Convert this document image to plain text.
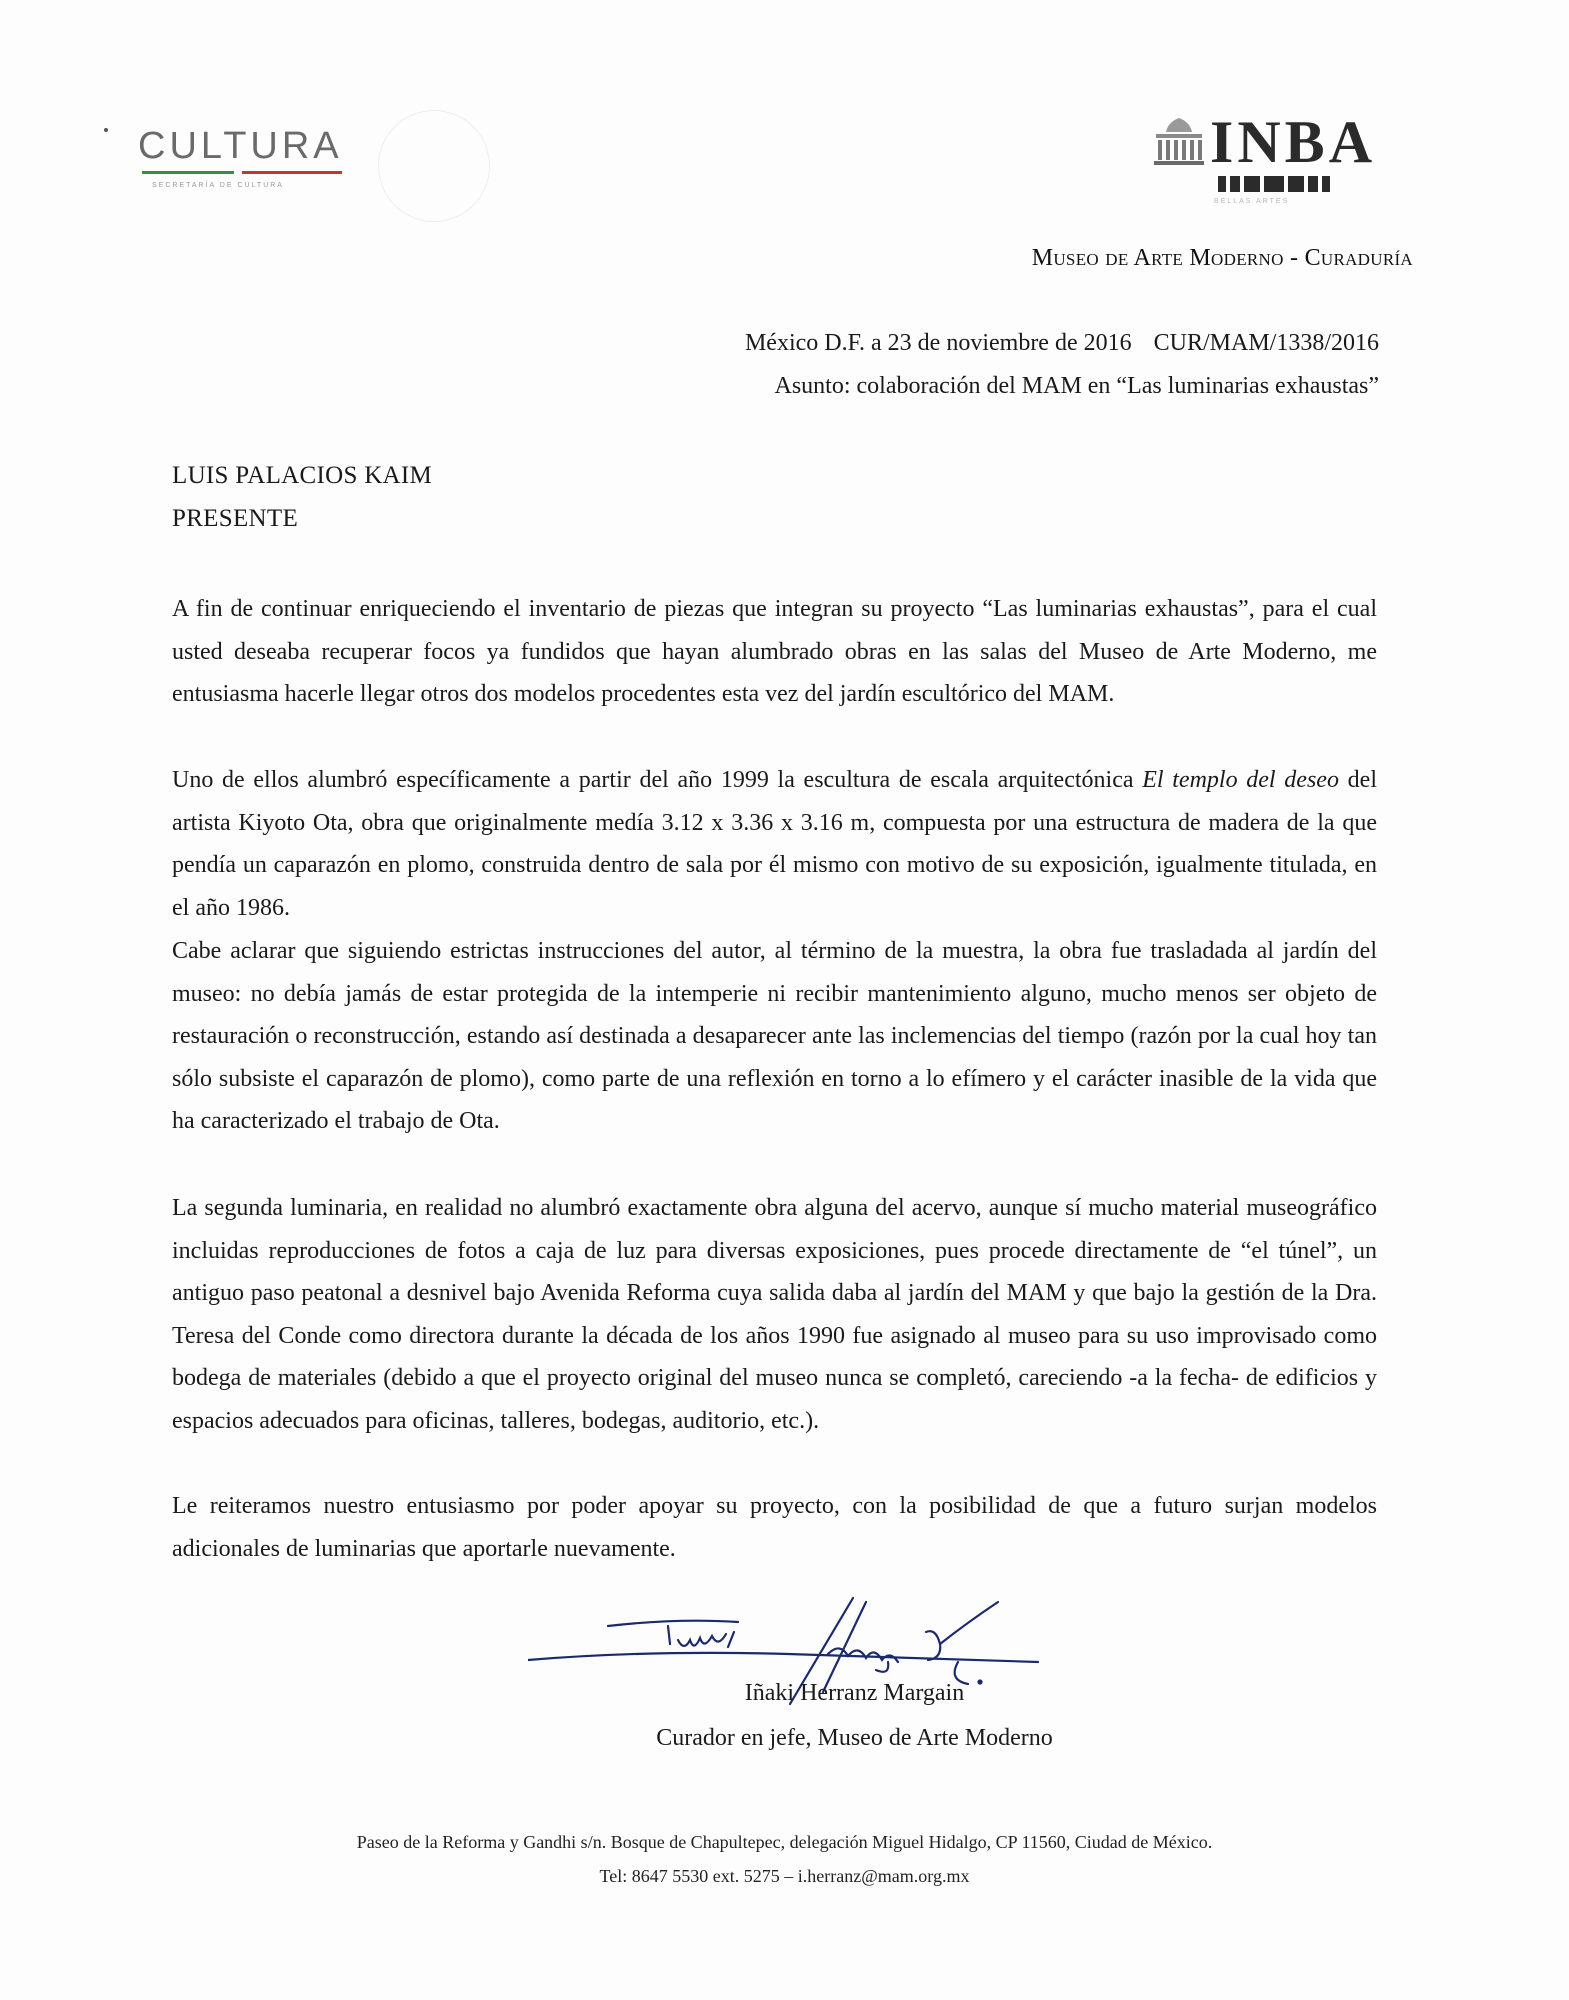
CULTURA
SECRETARÍA DE CULTURA
INBA
BELLAS ARTES
Museo de Arte Moderno - Curaduría
México D.F. a 23 de noviembre de 2016 CUR/MAM/1338/2016
Asunto: colaboración del MAM en “Las luminarias exhaustas”
LUIS PALACIOS KAIM
PRESENTE

A fin de continuar enriqueciendo el inventario de piezas que integran su proyecto “Las luminarias exhaustas”, para el cual usted deseaba recuperar focos ya fundidos que hayan alumbrado obras en las salas del Museo de Arte Moderno, me entusiasma hacerle llegar otros dos modelos procedentes esta vez del jardín escultórico del MAM.

Uno de ellos alumbró específicamente a partir del año 1999 la escultura de escala arquitectónica El templo del deseo del artista Kiyoto Ota, obra que originalmente medía 3.12 x 3.36 x 3.16 m, compuesta por una estructura de madera de la que pendía un caparazón en plomo, construida dentro de sala por él mismo con motivo de su exposición, igualmente titulada, en el año 1986.

Cabe aclarar que siguiendo estrictas instrucciones del autor, al término de la muestra, la obra fue trasladada al jardín del museo: no debía jamás de estar protegida de la intemperie ni recibir mantenimiento alguno, mucho menos ser objeto de restauración o reconstrucción, estando así destinada a desaparecer ante las inclemencias del tiempo (razón por la cual hoy tan sólo subsiste el caparazón de plomo), como parte de una reflexión en torno a lo efímero y el carácter inasible de la vida que ha caracterizado el trabajo de Ota.

La segunda luminaria, en realidad no alumbró exactamente obra alguna del acervo, aunque sí mucho material museográfico incluidas reproducciones de fotos a caja de luz para diversas exposiciones, pues procede directamente de “el túnel”, un antiguo paso peatonal a desnivel bajo Avenida Reforma cuya salida daba al jardín del MAM y que bajo la gestión de la Dra. Teresa del Conde como directora durante la década de los años 1990 fue asignado al museo para su uso improvisado como bodega de materiales (debido a que el proyecto original del museo nunca se completó, careciendo -a la fecha- de edificios y espacios adecuados para oficinas, talleres, bodegas, auditorio, etc.).

Le reiteramos nuestro entusiasmo por poder apoyar su proyecto, con la posibilidad de que a futuro surjan modelos adicionales de luminarias que aportarle nuevamente.

Iñaki Herranz Margain
Curador en jefe, Museo de Arte Moderno
Paseo de la Reforma y Gandhi s/n. Bosque de Chapultepec, delegación Miguel Hidalgo, CP 11560, Ciudad de México.
Tel: 8647 5530 ext. 5275 – i.herranz@mam.org.mx
